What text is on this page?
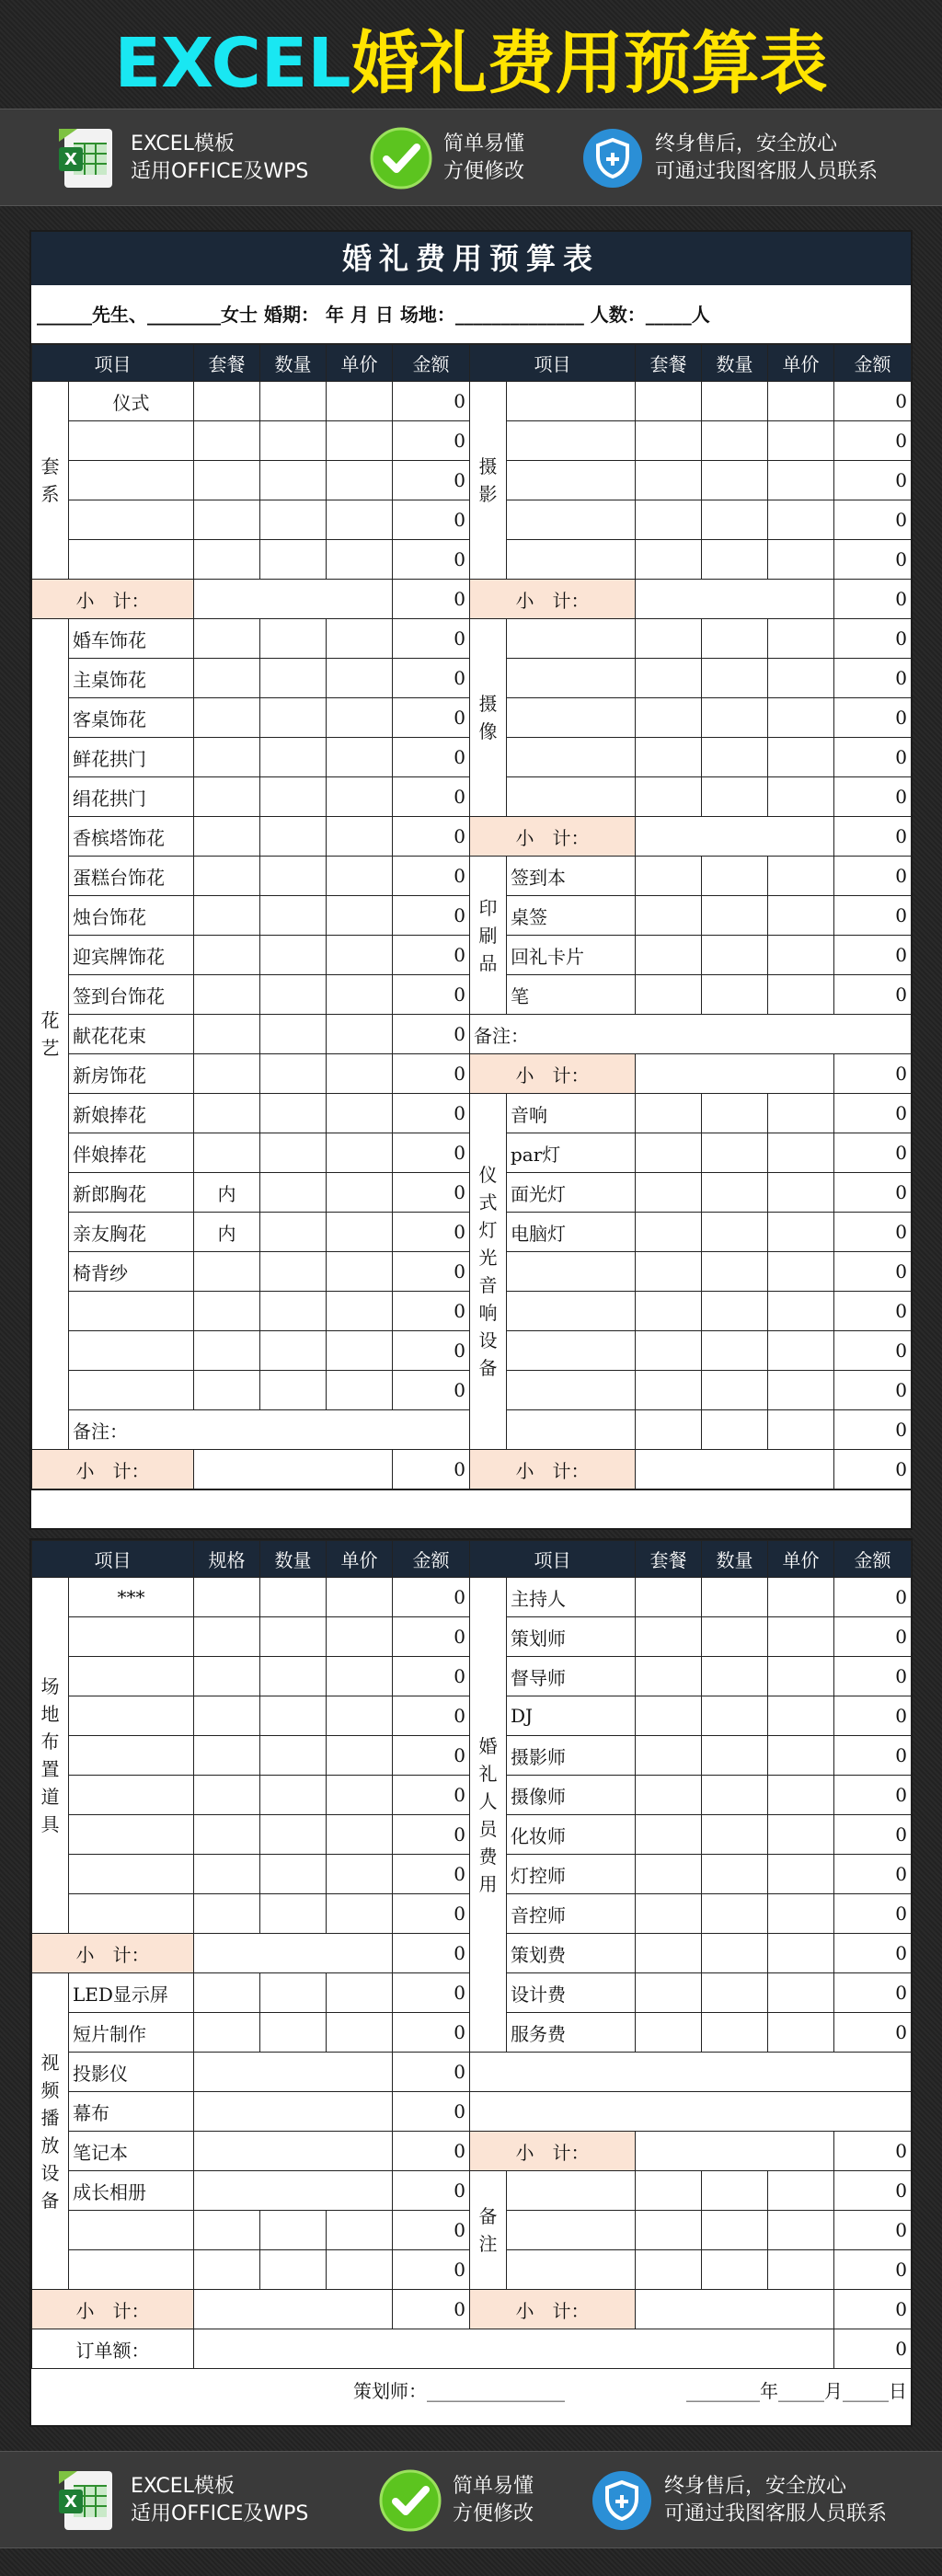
EXCEL婚礼费用预算表
X
EXCEL模板
适用OFFICE及WPS
简单易懂
方便修改
终身售后，安全放心
可通过我图客服人员联系
婚礼费用预算表
______先生、________女士 婚期： 年 月 日 场地：______________ 人数：_____人
项目	套餐	数量	单价	金额	项目	套餐	数量	单价	金额
套系	仪式				0	摄影					0
				0					0
				0					0
				0					0
				0					0
小　计：		0	小　计：		0
花艺	婚车饰花				0	摄像					0
主桌饰花				0					0
客桌饰花				0					0
鲜花拱门				0					0
绢花拱门				0					0
香槟塔饰花				0	小　计：		0
蛋糕台饰花				0	印刷品	签到本				0
烛台饰花				0	桌签				0
迎宾牌饰花				0	回礼卡片				0
签到台饰花				0	笔				0
献花花束				0	备注：
新房饰花				0	小　计：		0
新娘捧花				0	仪式灯光音响设备	音响				0
伴娘捧花				0	par灯				0
新郎胸花	内			0	面光灯				0
亲友胸花	内			0	电脑灯				0
椅背纱				0					0
				0					0
				0					0
				0					0
备注：					0
小　计：		0	小　计：		0
项目	规格	数量	单价	金额	项目	套餐	数量	单价	金额
场地布置道具	***				0	婚礼人员费用	主持人				0
				0	策划师				0
				0	督导师				0
				0	DJ				0
				0	摄影师				0
				0	摄像师				0
				0	化妆师				0
				0	灯控师				0
				0	音控师				0
小　计：		0	策划费				0
视频播放设备	LED显示屏				0	设计费				0
短片制作				0	服务费				0
投影仪		0	
幕布		0	
笔记本		0	小　计：		0
成长相册		0	备注					0
				0					0
				0					0
小　计：		0	小　计：		0
订单额：		0
策划师：_______________	________年_____月_____日
X
EXCEL模板
适用OFFICE及WPS
简单易懂
方便修改
终身售后，安全放心
可通过我图客服人员联系
